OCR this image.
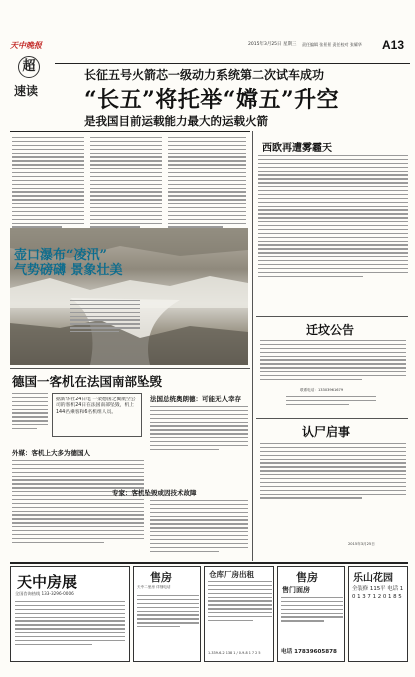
天中晚报	2015年3月25日 星期三 责任编辑 张景景 责任校对 张耀华 A13
超
速读
长征五号火箭芯一级动力系统第二次试车成功
“长五”将托举“嫦五”升空
是我国目前运载能力最大的运载火箭
壶口瀑布“凌汛”
气势磅礴 景象壮美
西欧再遭雾霾天
迁坟公告
联系电话：13303961679
认尸启事
2015年3月25日
德国一客机在法国南部坠毁
据新华社24日电 一架德国之翼航空公司的客机24日在法国南部坠毁，机上144名乘客和6名机组人员。
外媒：客机上大多为德国人
法国总统奥朗德：可能无人幸存
专家：客机坠毁或因技术故障
天中房展
全国咨询热线 133-3296-0006
售房
天中二里房 详细电话
仓库厂房出租
1-339-6-2 138 1 / 0-9-8 1 7 2 5
售房
售门面房
电话 17839605878
乐山花园
全装修 115平 电话 1 0 1 3 7 1 2 0 1 8 5
